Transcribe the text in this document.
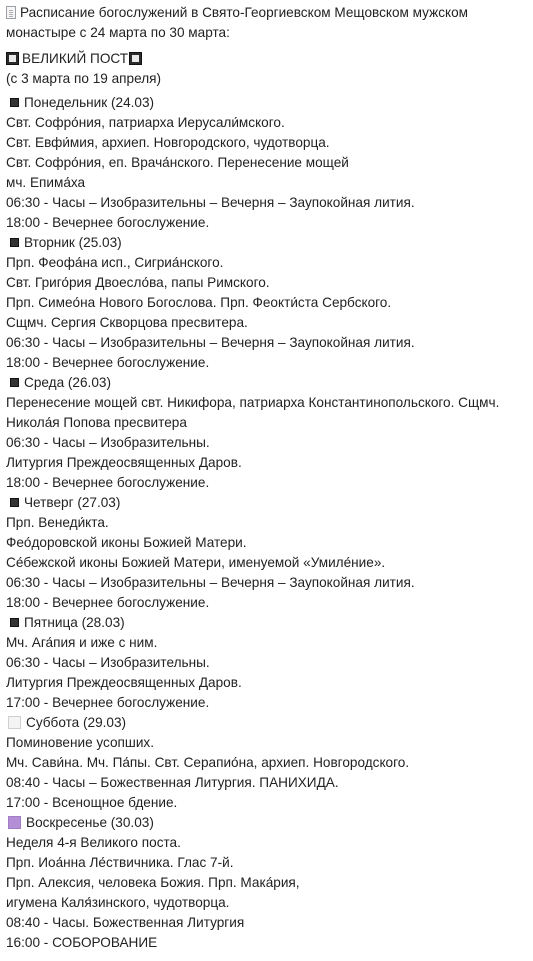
Расписание богослужений в Свято-Георгиевском Мещовском мужском монастыре с 24 марта по 30 марта:
ВЕЛИКИЙ ПОСТ
(с 3 марта по 19 апреля)
Понедельник (24.03)
Свт. Софро́ния, патриарха Иерусали́мского.
Свт. Евфи́мия, архиеп. Новгородского, чудотворца.
Свт. Софро́ния, еп. Врача́нского. Перенесение мощей
мч. Епима́ха
06:30 - Часы – Изобразительны – Вечерня – Заупокойная лития.
18:00 - Вечернее богослужение.
Вторник (25.03)
Прп. Феофа́на исп., Сигриа́нского.
Свт. Григо́рия Двоесло́ва, папы Римского.
Прп. Симео́на Нового Богослова. Прп. Феокти́ста Сербского.
Сщмч. Сергия Скворцова пресвитера.
06:30 - Часы – Изобразительны – Вечерня – Заупокойная лития.
18:00 - Вечернее богослужение.
Среда (26.03)
Перенесение мощей свт. Никифора, патриарха Константинопольского. Сщмч.
Никола́я Попова пресвитера
06:30 - Часы – Изобразительны.
Литургия Преждеосвященных Даров.
18:00 - Вечернее богослужение.
Четверг (27.03)
Прп. Венеди́кта.
Фео́доровской иконы Божией Матери.
Се́бежской иконы Божией Матери, именуемой «Умиле́ние».
06:30 - Часы – Изобразительны – Вечерня – Заупокойная лития.
18:00 - Вечернее богослужение.
Пятница (28.03)
Мч. Ага́пия и иже с ним.
06:30 - Часы – Изобразительны.
Литургия Преждеосвященных Даров.
17:00 - Вечернее богослужение.
Суббота (29.03)
Поминовение усопших.
Мч. Сави́на. Мч. Па́пы. Свт. Серапио́на, архиеп. Новгородского.
08:40 - Часы – Божественная Литургия. ПАНИХИДА.
17:00 - Всенощное бдение.
Воскресенье (30.03)
Неделя 4-я Великого поста.
Прп. Иоа́нна Ле́ствичника. Глас 7-й.
Прп. Алексия, человека Божия. Прп. Мака́рия,
игумена Каля́зинского, чудотворца.
08:40 - Часы. Божественная Литургия
16:00 - СОБОРОВАНИЕ
